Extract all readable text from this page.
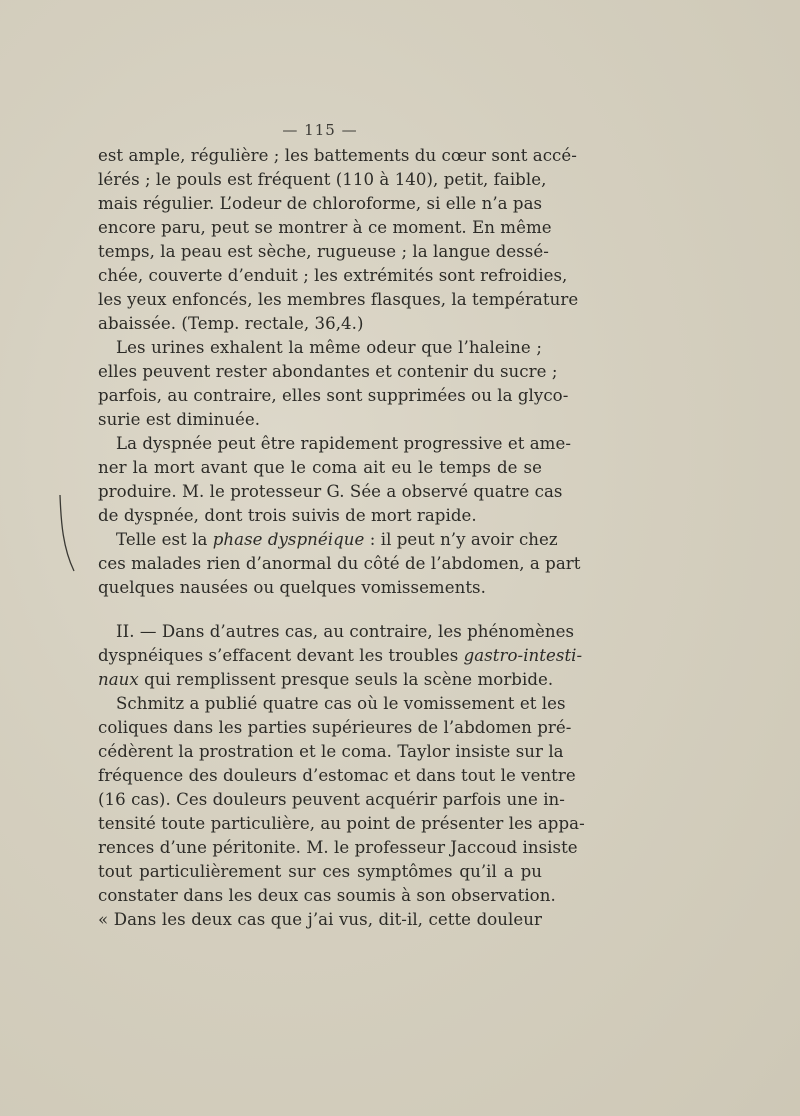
— 115 —
est ample, régulière ; les battements du cœur sont accé-
lérés ; le pouls est fréquent (110 à 140), petit, faible,
mais régulier. L’odeur de chloroforme, si elle n’a pas
encore paru, peut se montrer à ce moment. En même
temps, la peau est sèche, rugueuse ; la langue dessé-
chée, couverte d’enduit ; les extrémités sont refroidies,
les yeux enfoncés, les membres flasques, la température
abaissée. (Temp. rectale, 36,4.)
Les urines exhalent la même odeur que l’haleine ;
elles peuvent rester abondantes et contenir du sucre ;
parfois, au contraire, elles sont supprimées ou la glyco-
surie est diminuée.
La dyspnée peut être rapidement progressive et ame-
ner la mort avant que le coma ait eu le temps de se
produire. M. le protesseur G. Sée a observé quatre cas
de dyspnée, dont trois suivis de mort rapide.
Telle est la phase dyspnéique : il peut n’y avoir chez
ces malades rien d’anormal du côté de l’abdomen, a part
quelques nausées ou quelques vomissements.
II. — Dans d’autres cas, au contraire, les phénomènes
dyspnéiques s’effacent devant les troubles gastro-intesti-
naux qui remplissent presque seuls la scène morbide.
Schmitz a publié quatre cas où le vomissement et les
coliques dans les parties supérieures de l’abdomen pré-
cédèrent la prostration et le coma. Taylor insiste sur la
fréquence des douleurs d’estomac et dans tout le ventre
(16 cas). Ces douleurs peuvent acquérir parfois une in-
tensité toute particulière, au point de présenter les appa-
rences d’une péritonite. M. le professeur Jaccoud insiste
tout particulièrement sur ces symptômes qu’il a pu
constater dans les deux cas soumis à son observation.
« Dans les deux cas que j’ai vus, dit-il, cette douleur
